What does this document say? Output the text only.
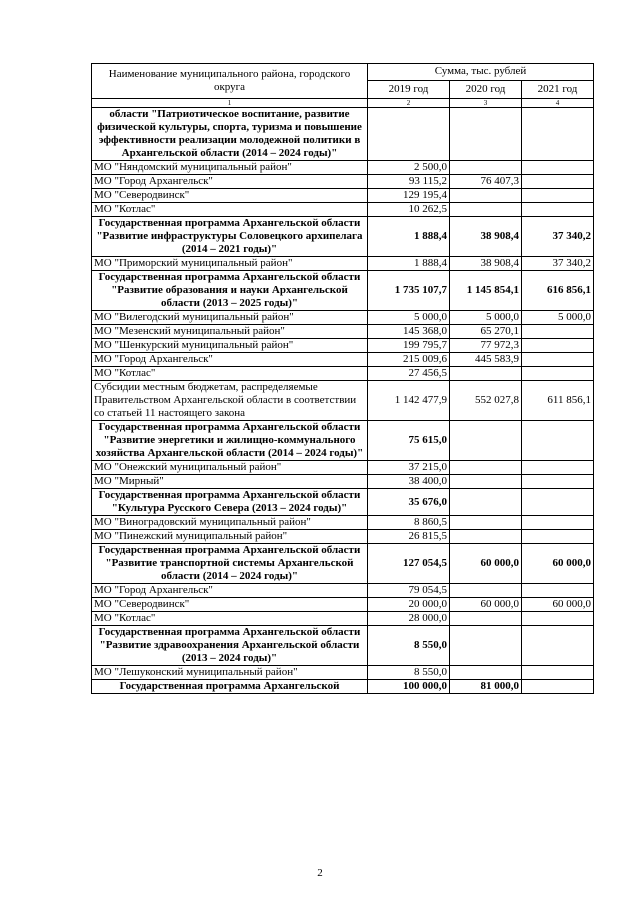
Наименование муниципального района, городского округа	Сумма, тыс. рублей		
	2019 год	2020 год	2021 год
1	2	3	4
области "Патриотическое воспитание, развитие физической культуры, спорта, туризма и повышение эффективности реализации молодежной политики в Архангельской области (2014 – 2024 годы)"			
МО "Няндомский муниципальный район"	2 500,0		
МО "Город Архангельск"	93 115,2	76 407,3	
МО "Северодвинск"	129 195,4		
МО "Котлас"	10 262,5		
Государственная программа Архангельской области "Развитие инфраструктуры Соловецкого архипелага (2014 – 2021 годы)"	1 888,4	38 908,4	37 340,2
МО "Приморский муниципальный район"	1 888,4	38 908,4	37 340,2
Государственная программа Архангельской области "Развитие образования и науки Архангельской области (2013 – 2025 годы)"	1 735 107,7	1 145 854,1	616 856,1
МО "Вилегодский муниципальный район"	5 000,0	5 000,0	5 000,0
МО "Мезенский муниципальный район"	145 368,0	65 270,1	
МО "Шенкурский муниципальный район"	199 795,7	77 972,3	
МО "Город Архангельск"	215 009,6	445 583,9	
МО "Котлас"	27 456,5		
Субсидии местным бюджетам, распределяемые Правительством Архангельской области в соответствии со статьей 11 настоящего закона	1 142 477,9	552 027,8	611 856,1
Государственная программа Архангельской области "Развитие энергетики и жилищно-коммунального хозяйства Архангельской области (2014 – 2024 годы)"	75 615,0		
МО "Онежский муниципальный район"	37 215,0		
МО "Мирный"	38 400,0		
Государственная программа Архангельской области "Культура Русского Севера (2013 – 2024 годы)"	35 676,0		
МО "Виноградовский муниципальный район"	8 860,5		
МО "Пинежский муниципальный район"	26 815,5		
Государственная программа Архангельской области "Развитие транспортной системы Архангельской области (2014 – 2024 годы)"	127 054,5	60 000,0	60 000,0
МО "Город Архангельск"	79 054,5		
МО "Северодвинск"	20 000,0	60 000,0	60 000,0
МО "Котлас"	28 000,0		
Государственная программа Архангельской области "Развитие здравоохранения Архангельской области (2013 – 2024 годы)"	8 550,0		
МО "Лешуконский муниципальный район"	8 550,0		
Государственная программа Архангельской	100 000,0	81 000,0	
2
